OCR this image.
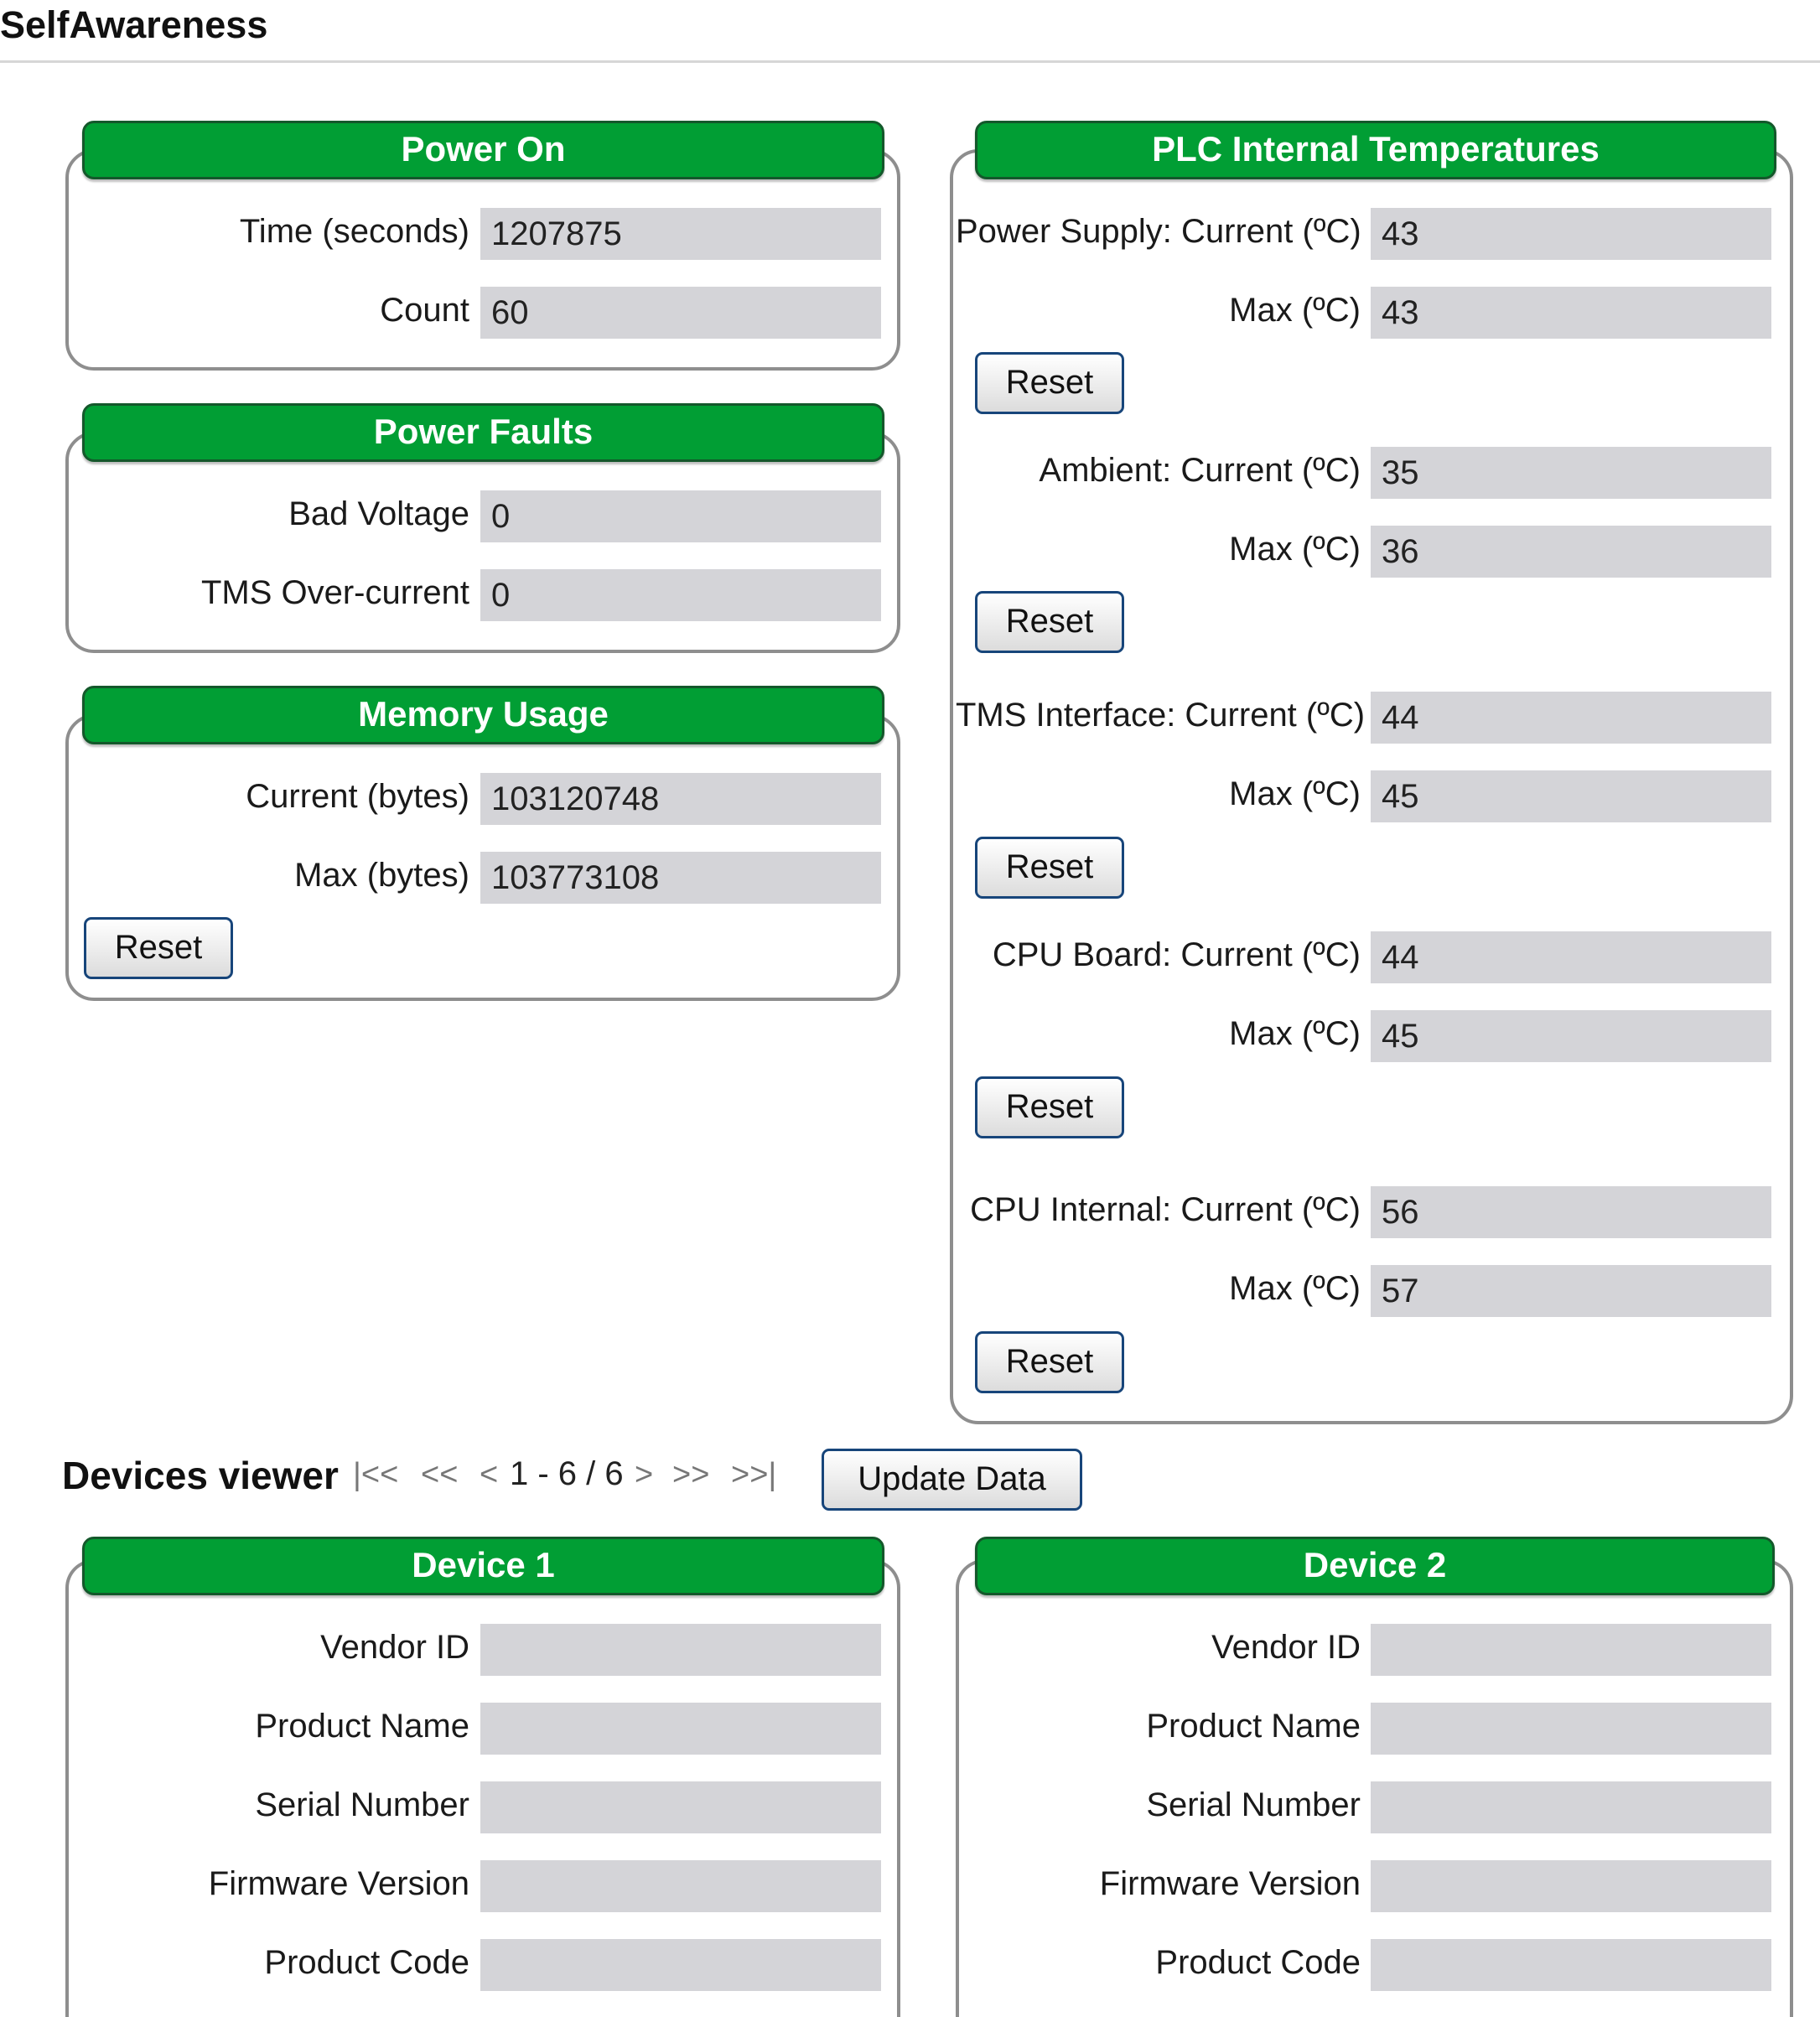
SelfAwareness
Power On
Time (seconds) 1207875
Count 60
Power Faults
Bad Voltage 0
TMS Over-current 0
Memory Usage
Current (bytes) 103120748
Max (bytes) 103773108
Reset
PLC Internal Temperatures
Power Supply: Current (ºC) 43
Max (ºC) 43
Reset
Ambient: Current (ºC) 35
Max (ºC) 36
Reset
TMS Interface: Current (ºC) 44
Max (ºC) 45
Reset
CPU Board: Current (ºC) 44
Max (ºC) 45
Reset
CPU Internal: Current (ºC) 56
Max (ºC) 57
Reset
Devices viewer |<< << < 1 - 6 / 6 > >> >>|	Update Data
Device 1
Vendor ID
Product Name
Serial Number
Firmware Version
Product Code
Device 2
Vendor ID
Product Name
Serial Number
Firmware Version
Product Code
